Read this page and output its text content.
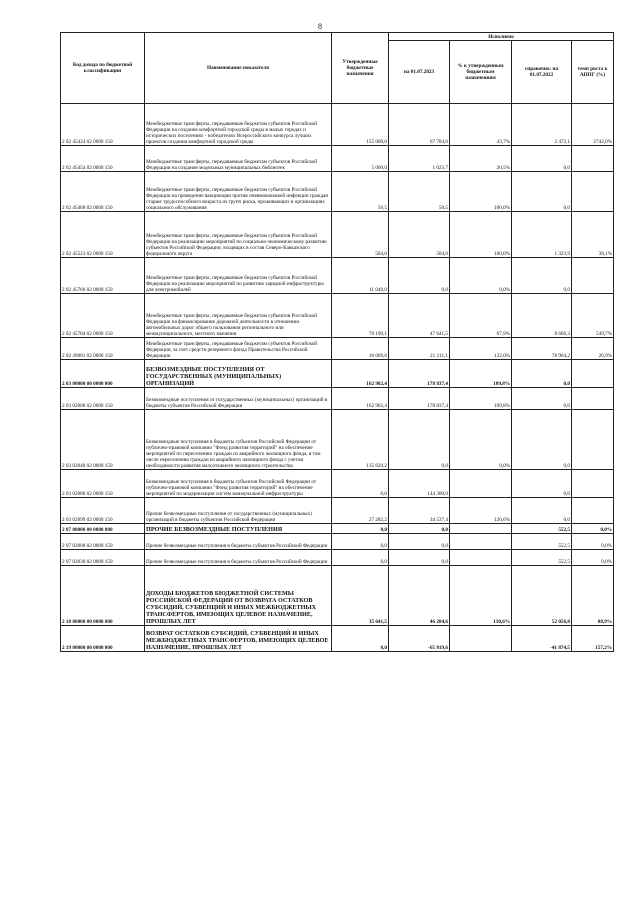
8
Код дохода по бюджетной классификации	Наименование показателя	Утвержденные бюджетные назначения	Исполнено			
			на 01.07.2023	% к утвержденным бюджетным назначениям	справочно: на 01.07.2022	темп роста к АППГ (%)
2 02 45424 02 0000 150	Межбюджетные трансферты, передаваемые бюджетам субъектов Российской Федерации на создание комфортной городской среды в малых городах и исторических поселениях - победителях Всероссийского конкурса лучших проектов создания комфортной городской среды	155 000,0	67 784,6	43,7%	2 472,1	2742,0%
2 02 45454 02 0000 150	Межбюджетные трансферты, передаваемые бюджетам субъектов Российской Федерации на создание модельных муниципальных библиотек	5 000,0	1 023,7	20,5%	0,0	
2 02 45468 02 0000 150	Межбюджетные трансферты, передаваемые бюджетам субъектов Российской Федерации на проведение вакцинации против пневмококковой инфекции граждан старше трудоспособного возраста из групп риска, проживающих в организациях социального обслуживания	50,5	50,5	100,0%	0,0	
2 02 45523 02 0000 150	Межбюджетные трансферты, передаваемые бюджетам субъектов Российской Федерации на реализацию мероприятий по социально-экономическому развитию субъектов Российской Федерации, входящих в состав Северо-Кавказского федерального округа	504,0	504,0	100,0%	1 323,9	38,1%
2 02 45766 02 0000 150	Межбюджетные трансферты, передаваемые бюджетам субъектов Российской Федерации на реализацию мероприятий по развитию зарядной инфраструктуры для электромобилей	11 040,0	0,0	0,0%	0,0	
2 02 45784 02 0000 150	Межбюджетные трансферты, передаваемые бюджетам субъектов Российской Федерации на финансирование дорожной деятельности в отношении автомобильных дорог общего пользования регионального или межмуниципального, местного значения	70 190,1	47 641,5	67,9%	8 666,3	549,7%
2 02 49001 02 0000 150	Межбюджетные трансферты, передаваемые бюджетам субъектов Российской Федерации, за счет средств резервного фонда Правительства Российской Федерации	16 069,6	21 211,1	132,0%	78 964,2	26,9%
2 03 00000 00 0000 000	БЕЗВОЗМЕЗДНЫЕ ПОСТУПЛЕНИЯ ОТ ГОСУДАРСТВЕННЫХ (МУНИЦИПАЛЬНЫХ) ОРГАНИЗАЦИЙ	162 902,4	178 837,4	109,8%	0,0	
2 03 02000 02 0000 150	Безвозмездные поступления от государственных (муниципальных) организаций в бюджеты субъектов Российской Федерации	162 902,4	178 837,4	109,8%	0,0	
2 03 02040 02 0000 150	Безвозмездные поступления в бюджеты субъектов Российской Федерации от публично-правовой компании "Фонд развития территорий" на обеспечение мероприятий по переселению граждан из аварийного жилищного фонда, в том числе переселению граждан из аварийного жилищного фонда с учетом необходимости развития малоэтажного жилищного строительства	135 620,2	0,0	0,0%	0,0	
2 03 02080 02 0000 150	Безвозмездные поступления в бюджеты субъектов Российской Федерации от публично-правовой компании "Фонд развития территорий" на обеспечение мероприятий по модернизации систем коммунальной инфраструктуры	0,0	144 300,0		0,0	
2 03 02099 02 0000 150	Прочие безвозмездные поступления от государственных (муниципальных) организаций в бюджеты субъектов Российской Федерации	27 282,2	34 537,4	126,6%	0,0	
2 07 00000 00 0000 000	ПРОЧИЕ БЕЗВОЗМЕЗДНЫЕ ПОСТУПЛЕНИЯ	0,0	0,0		552,5	0,0%
2 07 02000 02 0000 150	Прочие безвозмездные поступления в бюджеты субъектов Российской Федерации	0,0	0,0		552,5	0,0%
2 07 02030 02 0000 150	Прочие безвозмездные поступления в бюджеты субъектов Российской Федерации	0,0	0,0		552,5	0,0%
2 18 00000 00 0000 000	ДОХОДЫ БЮДЖЕТОВ БЮДЖЕТНОЙ СИСТЕМЫ РОССИЙСКОЙ ФЕДЕРАЦИИ ОТ ВОЗВРАТА ОСТАТКОВ СУБСИДИЙ, СУБВЕНЦИЙ И ИНЫХ МЕЖБЮДЖЕТНЫХ ТРАНСФЕРТОВ, ИМЕЮЩИХ ЦЕЛЕВОЕ НАЗНАЧЕНИЕ, ПРОШЛЫХ ЛЕТ	35 641,5	46 284,6	130,6%	52 056,8	88,9%
2 19 00000 00 0000 000	ВОЗВРАТ ОСТАТКОВ СУБСИДИЙ, СУБВЕНЦИЙ И ИНЫХ МЕЖБЮДЖЕТНЫХ ТРАНСФЕРТОВ, ИМЕЮЩИХ ЦЕЛЕВОЕ НАЗНАЧЕНИЕ, ПРОШЛЫХ ЛЕТ	0,0	-65 819,6		-41 874,5	157,2%
